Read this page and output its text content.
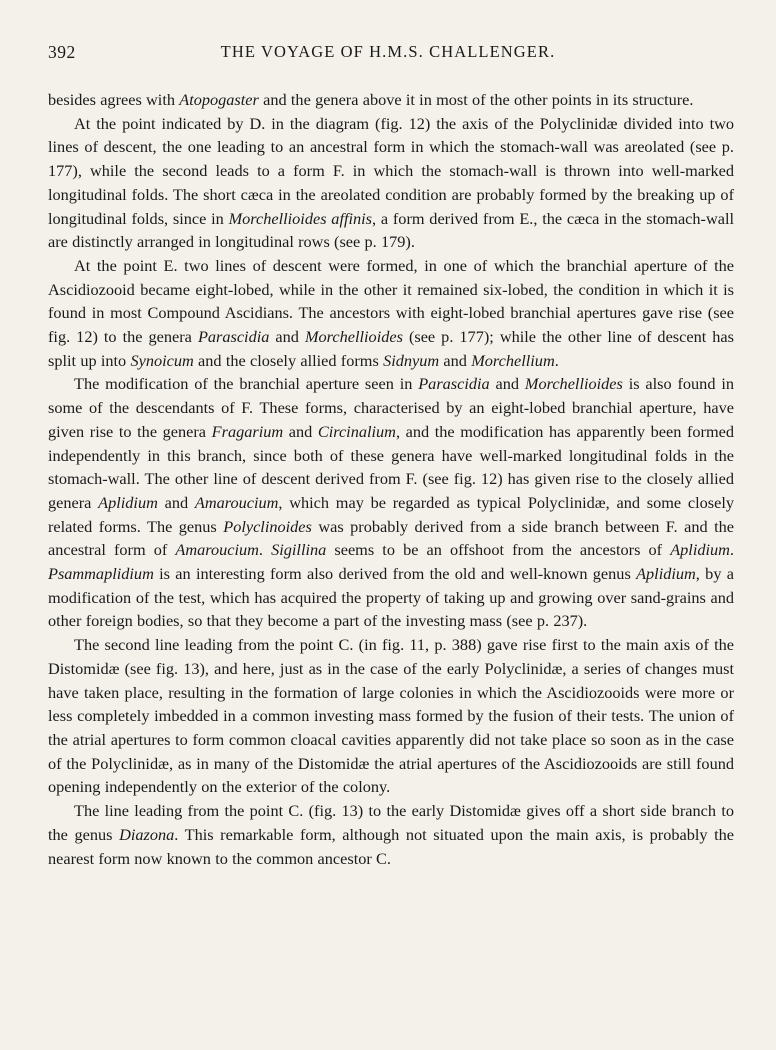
392	THE VOYAGE OF H.M.S. CHALLENGER.

besides agrees with Atopogaster and the genera above it in most of the other points in its structure.

At the point indicated by D. in the diagram (fig. 12) the axis of the Polyclinidæ divided into two lines of descent, the one leading to an ancestral form in which the stomach-wall was areolated (see p. 177), while the second leads to a form F. in which the stomach-wall is thrown into well-marked longitudinal folds. The short cæca in the areolated condition are probably formed by the breaking up of longitudinal folds, since in Morchellioides affinis, a form derived from E., the cæca in the stomach-wall are distinctly arranged in longitudinal rows (see p. 179).

At the point E. two lines of descent were formed, in one of which the branchial aperture of the Ascidiozooid became eight-lobed, while in the other it remained six-lobed, the condition in which it is found in most Compound Ascidians. The ancestors with eight-lobed branchial apertures gave rise (see fig. 12) to the genera Parascidia and Morchellioides (see p. 177); while the other line of descent has split up into Synoicum and the closely allied forms Sidnyum and Morchellium.

The modification of the branchial aperture seen in Parascidia and Morchellioides is also found in some of the descendants of F. These forms, characterised by an eight-lobed branchial aperture, have given rise to the genera Fragarium and Circinalium, and the modification has apparently been formed independently in this branch, since both of these genera have well-marked longitudinal folds in the stomach-wall. The other line of descent derived from F. (see fig. 12) has given rise to the closely allied genera Aplidium and Amaroucium, which may be regarded as typical Polyclinidæ, and some closely related forms. The genus Polyclinoides was probably derived from a side branch between F. and the ancestral form of Amaroucium. Sigillina seems to be an offshoot from the ancestors of Aplidium. Psammaplidium is an interesting form also derived from the old and well-known genus Aplidium, by a modification of the test, which has acquired the property of taking up and growing over sand-grains and other foreign bodies, so that they become a part of the investing mass (see p. 237).

The second line leading from the point C. (in fig. 11, p. 388) gave rise first to the main axis of the Distomidæ (see fig. 13), and here, just as in the case of the early Polyclinidæ, a series of changes must have taken place, resulting in the formation of large colonies in which the Ascidiozooids were more or less completely imbedded in a common investing mass formed by the fusion of their tests. The union of the atrial apertures to form common cloacal cavities apparently did not take place so soon as in the case of the Polyclinidæ, as in many of the Distomidæ the atrial apertures of the Ascidiozooids are still found opening independently on the exterior of the colony.

The line leading from the point C. (fig. 13) to the early Distomidæ gives off a short side branch to the genus Diazona. This remarkable form, although not situated upon the main axis, is probably the nearest form now known to the common ancestor C.
